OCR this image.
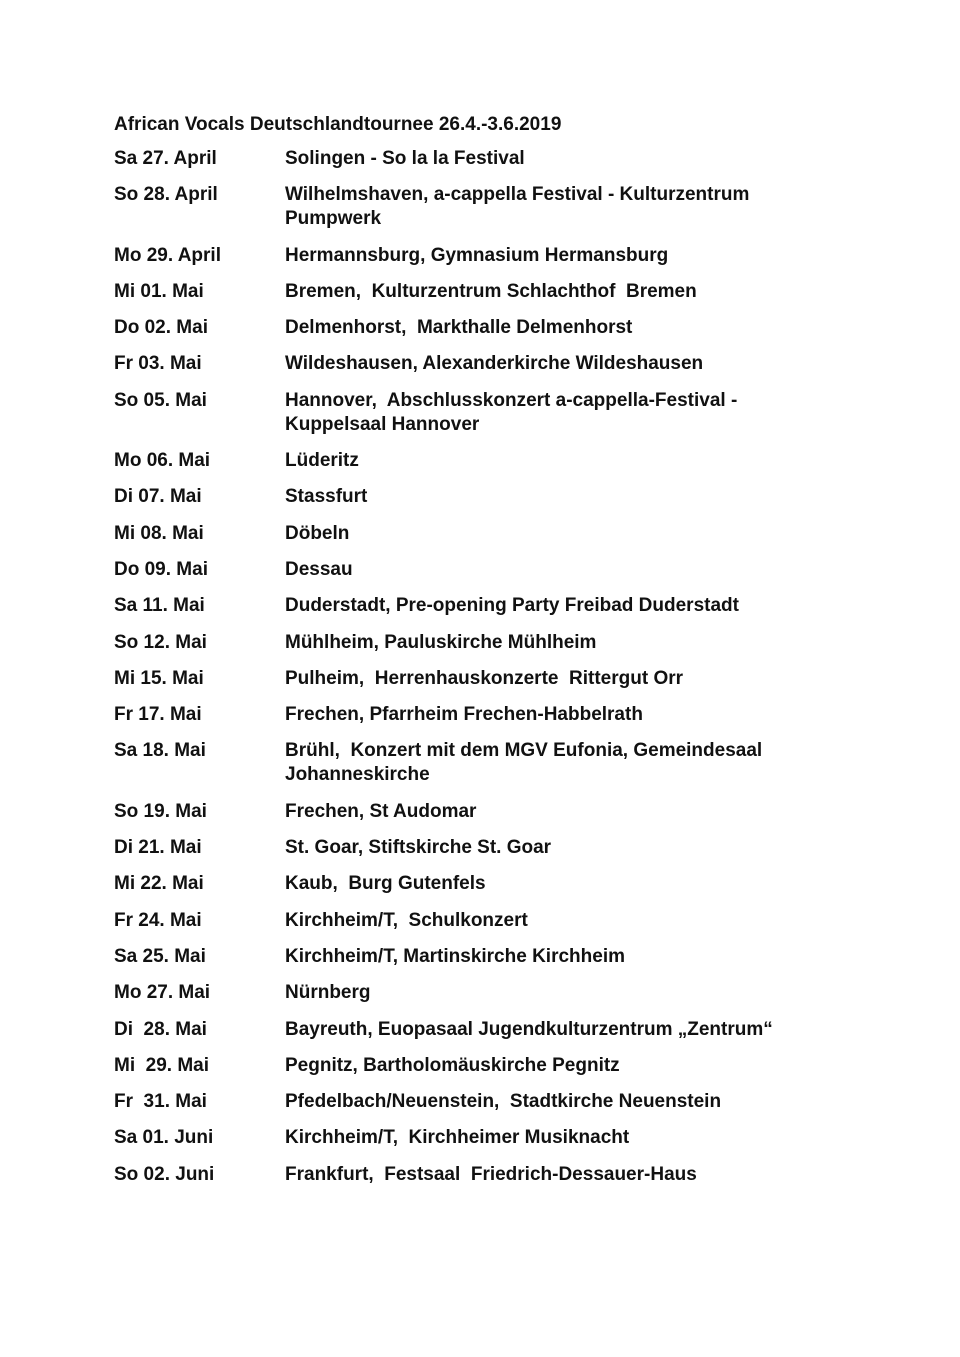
African Vocals Deutschlandtournee 26.4.-3.6.2019
Sa 27. April	Solingen - So la la Festival
So 28. April	Wilhelmshaven, a-cappella Festival - Kulturzentrum Pumpwerk
Mo 29. April	Hermannsburg, Gymnasium Hermansburg
Mi 01. Mai	Bremen,  Kulturzentrum Schlachthof  Bremen
Do 02. Mai	Delmenhorst,  Markthalle Delmenhorst
Fr 03. Mai	Wildeshausen, Alexanderkirche Wildeshausen
So 05. Mai	Hannover,  Abschlusskonzert a-cappella-Festival - Kuppelsaal Hannover
Mo 06. Mai	Lüderitz
Di 07. Mai	Stassfurt
Mi 08. Mai	Döbeln
Do 09. Mai	Dessau
Sa 11. Mai	Duderstadt, Pre-opening Party Freibad Duderstadt
So 12. Mai	Mühlheim, Pauluskirche Mühlheim
Mi 15. Mai	Pulheim,  Herrenhauskonzerte  Rittergut Orr
Fr 17. Mai	Frechen, Pfarrheim Frechen-Habbelrath
Sa 18. Mai	Brühl,  Konzert mit dem MGV Eufonia, Gemeindesaal Johanneskirche
So 19. Mai	Frechen, St Audomar
Di 21. Mai	St. Goar, Stiftskirche St. Goar
Mi 22. Mai	Kaub,  Burg Gutenfels
Fr 24. Mai	Kirchheim/T,  Schulkonzert
Sa 25. Mai	Kirchheim/T, Martinskirche Kirchheim
Mo 27. Mai	Nürnberg
Di  28. Mai	Bayreuth, Euopasaal Jugendkulturzentrum „Zentrum“
Mi  29. Mai	Pegnitz, Bartholomäuskirche Pegnitz
Fr  31. Mai	Pfedelbach/Neuenstein,  Stadtkirche Neuenstein
Sa 01. Juni	Kirchheim/T,  Kirchheimer Musiknacht
So 02. Juni	Frankfurt,  Festsaal  Friedrich-Dessauer-Haus
